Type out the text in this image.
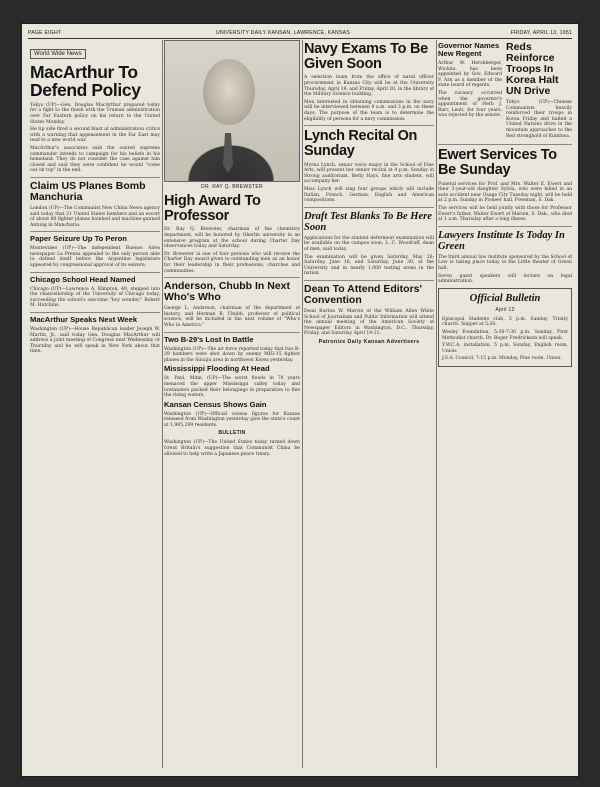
PAGE EIGHT	UNIVERSITY DAILY KANSAN, LAWRENCE, KANSAS	FRIDAY, APRIL 13, 1951
World Wide News
MacArthur To Defend Policy

Tokyo (UP)—Gen. Douglas MacArthur prepared today for a fight to the finish with the Truman administration over Far Eastern policy on his return to the United States Monday.

He tip side fired a second blast at administration critics with a warning that appeasement in the Far East may lead to a new world war.

MacArthur's associates said the ousted supreme commander intends to campaign for his beliefs in his homeland. They do not consider the case against him closed and said they were confident he would "come out on top" in the end.

Claim US Planes Bomb Manchuria

London (UP)—The Communist New China News agency said today that 21 United States bombers and an escort of about 80 fighter planes bombed and machine-gunned Antung in Manchuria.

Paper Seizure Up To Peron

Montevideo (UP)—The independent Buenos Aires newspaper La Prensa appealed to the only person able to defend itself before the Argentine legislature appeared by congressional approval of its seizure.

Chicago School Head Named

Chicago (UP)—Lawrence A. Kimpton, 40, stepped into the chancellorship of the University of Chicago today, succeeding the school's one-time "boy wonder," Robert M. Hutchins.

MacArthur Speaks Next Week

Washington (UP)—House Republican leader Joseph W. Martin, Jr., said today Gen. Douglas MacArthur will address a joint meeting of Congress next Wednesday or Thursday and he will speak in New York about that time.

DR. RAY Q. BREWSTER
High Award To Professor

Dr. Ray Q. Brewster, chairman of the chemistry department, will be honored by Oberlin university in an extensive program at the school during Charter Day observances today and Saturday.

Dr. Brewster is one of four persons who will receive the Charter Day award given to outstanding men as an honor for their leadership in their professions, churches and communities.

Anderson, Chubb In Next Who's Who

George L. Anderson, chairman of the department of history, and Herman B. Chubb, professor of political science, will be included in the next volume of "Who's Who in America."

Two B-29's Lost In Battle

Washington (UP)—The air force reported today that two B-29 bombers were shot down by enemy MIG-15 fighter planes in the Sinuiju area in northwest Korea yesterday.

Mississippi Flooding At Head

St. Paul, Minn. (UP)—The worst floods in 70 years menaced the upper Mississippi valley today and lowlanders packed their belongings in preparation to flee the rising waters.

Kansan Census Shows Gain

Washington (UP)—Official census figures for Kansas released from Washington yesterday give the state's count at 1,905,299 residents.

BULLETIN

Washington (UP)—The United States today turned down Great Britain's suggestion that Communist China be allowed to help write a Japanese peace treaty.

Navy Exams To Be Given Soon

A selection team from the office of naval officer procurement in Kansas City will be at the University Thursday, April 19, and Friday, April 20, in the library of the Military Science building.

Men interested in obtaining commissions in the navy will be interviewed between 9 a.m. and 3 p.m. on these days. The purpose of the team is to determine the eligibility of persons for a navy commission.

Lynch Recital On Sunday

Myrna Lynch, senior voice major in the School of Fine Arts, will present her senior recital at 4 p.m. Sunday in Strong auditorium. Betty Hays, fine arts student, will accompany her.

Miss Lynch will sing four groups which will include Italian, French, German, English and American compositions.

Draft Test Blanks To Be Here Soon

Applications for the student deferment examination will be available on the campus soon, L. C. Woodruff, dean of men, said today.

The examination will be given Saturday, May 26; Saturday, June 16, and Saturday, June 30, at the University and in nearly 1,000 testing areas in the nation.

Dean To Attend Editors' Convention

Dean Burton W. Marvin of the William Allen White School of Journalism and Public Information will attend the annual meeting of the American Society of Newspaper Editors in Washington, D.C., Thursday, Friday, and Saturday April 19-21.

Patronize Daily Kansan Advertisers
Governor Names New Regent

Arthur W. Hershberger, Wichita, has been appointed by Gov. Edward F. Arn as a member of the state board of regents.

The vacancy occurred when the governor's appointment of Herb J. Barr, Leoti, for four years, was rejected by the senate.

Reds Reinforce Troops In Korea Halt UN Drive

Tokyo (UP)—Chinese Communists heavily reinforced their troops in Korea Friday and halted a United Nations drive in the mountain approaches to the Red stronghold of Kumhwa.

Ewert Services To Be Sunday

Funeral services for Prof. and Mrs. Walter E. Ewert and their 3-year-old daughter Sylvia, who were killed in an auto accident near Osage City Tuesday night, will be held at 2 p.m. Sunday in Pioneer hall, Freeman, S. Dak.

The services will be held jointly with those for Professor Ewert's father, Walter Ewert of Marion, S. Dak., who died at 1 a.m. Thursday after a long illness.

Lawyers Institute Is Today In Green

The third annual law institute sponsored by the School of Law is taking place today in the Little theater of Green hall.

Seven guest speakers will lecture on legal administration.

Official Bulletin
April 12

Episcopal Students club, 5 p.m. Sunday, Trinity church. Supper at 5:30.

Wesley Foundation, 5:30-7:30 p.m. Sunday, First Methodist church. Dr. Roger Fredrickson will speak.

Y.W.C.A. installation, 5 p.m. Sunday, English room, Union.

J.S.A. Council, 7:15 p.m. Monday, Pine room, Union.
